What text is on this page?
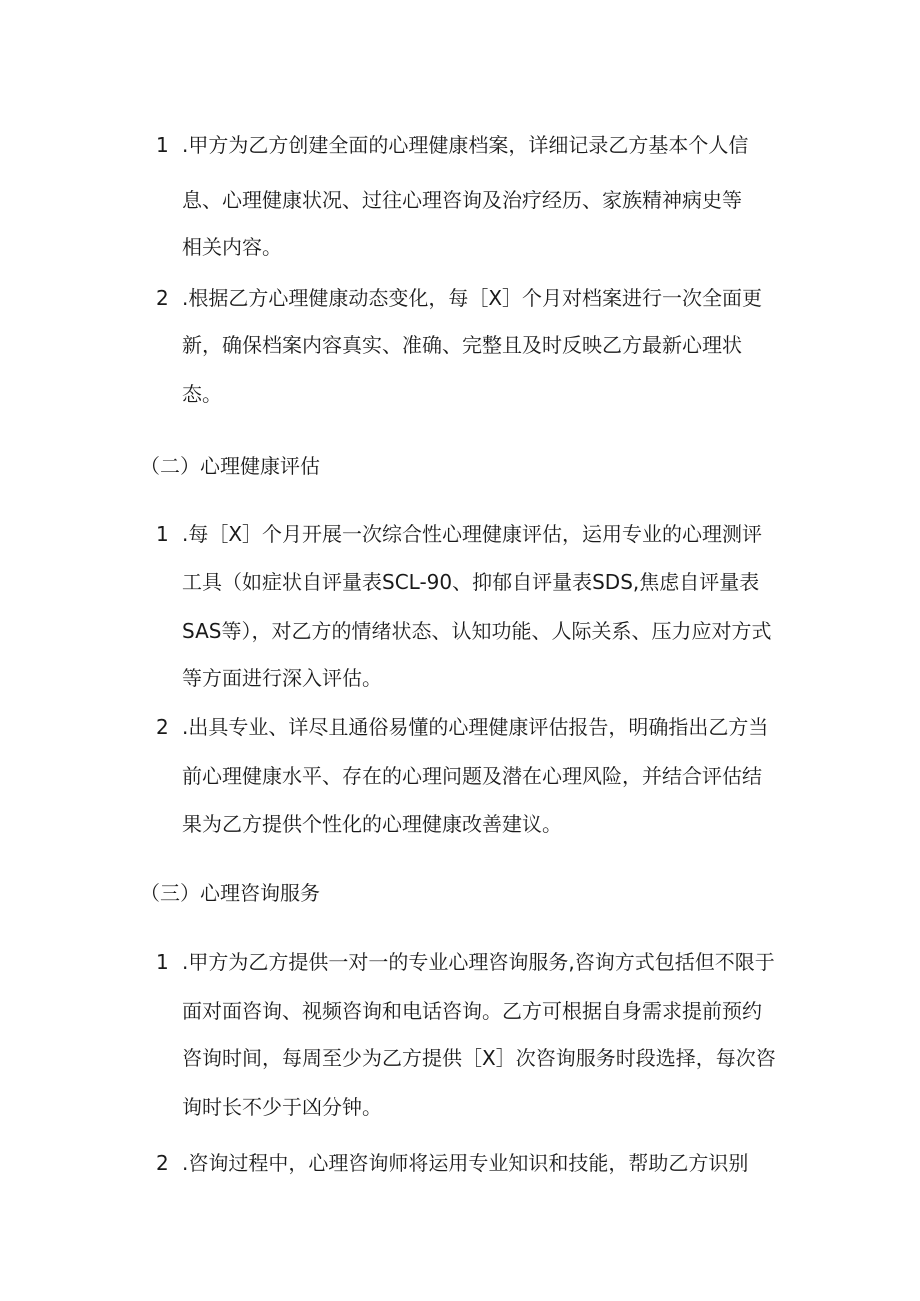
1 .甲方为乙方创建全面的心理健康档案，详细记录乙方基本个人信
息、心理健康状况、过往心理咨询及治疗经历、家族精神病史等
相关内容。
2 .根据乙方心理健康动态变化，每［X］个月对档案进行一次全面更
新，确保档案内容真实、准确、完整且及时反映乙方最新心理状
态。
（二）心理健康评估
1 .每［X］个月开展一次综合性心理健康评估，运用专业的心理测评
工具（如症状自评量表SCL-90、抑郁自评量表SDS,焦虑自评量表
SAS等），对乙方的情绪状态、认知功能、人际关系、压力应对方式
等方面进行深入评估。
2 .出具专业、详尽且通俗易懂的心理健康评估报告，明确指出乙方当
前心理健康水平、存在的心理问题及潜在心理风险，并结合评估结
果为乙方提供个性化的心理健康改善建议。
（三）心理咨询服务
1 .甲方为乙方提供一对一的专业心理咨询服务,咨询方式包括但不限于
面对面咨询、视频咨询和电话咨询。乙方可根据自身需求提前预约
咨询时间，每周至少为乙方提供［X］次咨询服务时段选择，每次咨
询时长不少于凶分钟。
2 .咨询过程中，心理咨询师将运用专业知识和技能，帮助乙方识别
